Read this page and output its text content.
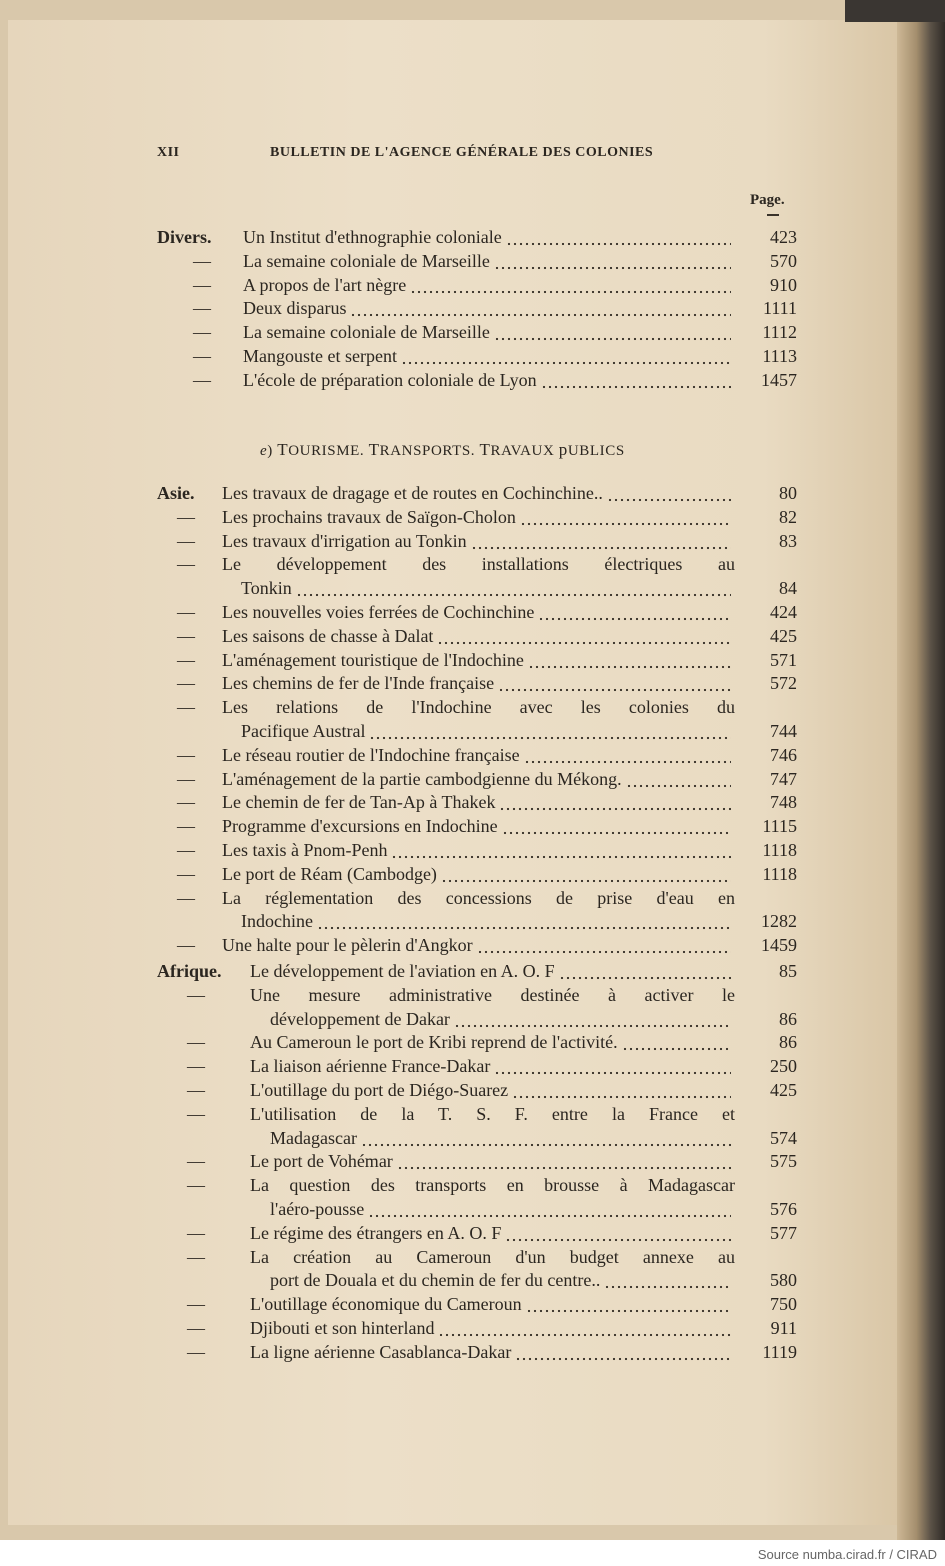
XII	BULLETIN DE L'AGENCE GÉNÉRALE DES COLONIES
Page.
Divers. Un Institut d'ethnographie coloniale	423
— La semaine coloniale de Marseille	570
— A propos de l'art nègre	910
— Deux disparus	1111
— La semaine coloniale de Marseille	1112
— Mangouste et serpent	1113
— L'école de préparation coloniale de Lyon	1457
e) TOURISME. TRANSPORTS. TRAVAUX pUBLICS
Asie. Les travaux de dragage et de routes en Cochinchine..	80
— Les prochains travaux de Saïgon-Cholon	82
— Les travaux d'irrigation au Tonkin	83
— Le développement des installations électriques au
Tonkin	84
— Les nouvelles voies ferrées de Cochinchine	424
— Les saisons de chasse à Dalat	425
— L'aménagement touristique de l'Indochine	571
— Les chemins de fer de l'Inde française	572
— Les relations de l'Indochine avec les colonies du
Pacifique Austral	744
— Le réseau routier de l'Indochine française	746
— L'aménagement de la partie cambodgienne du Mékong.	747
— Le chemin de fer de Tan-Ap à Thakek	748
— Programme d'excursions en Indochine	1115
— Les taxis à Pnom-Penh	1118
— Le port de Réam (Cambodge)	1118
— La réglementation des concessions de prise d'eau en
Indochine	1282
— Une halte pour le pèlerin d'Angkor	1459
Afrique. Le développement de l'aviation en A. O. F	85
—	Une mesure administrative destinée à activer le
développement de Dakar	86
—	Au Cameroun le port de Kribi reprend de l'activité.	86
—	La liaison aérienne France-Dakar	250
—	L'outillage du port de Diégo-Suarez	425
—	L'utilisation de la T. S. F. entre la France et
Madagascar	574
—	Le port de Vohémar	575
—	La question des transports en brousse à Madagascar
l'aéro-pousse	576
—	Le régime des étrangers en A. O. F	577
—	La création au Cameroun d'un budget annexe au
port de Douala et du chemin de fer du centre..	580
—	L'outillage économique du Cameroun	750
—	Djibouti et son hinterland	911
—	La ligne aérienne Casablanca-Dakar	1119
Source numba.cirad.fr / CIRAD
